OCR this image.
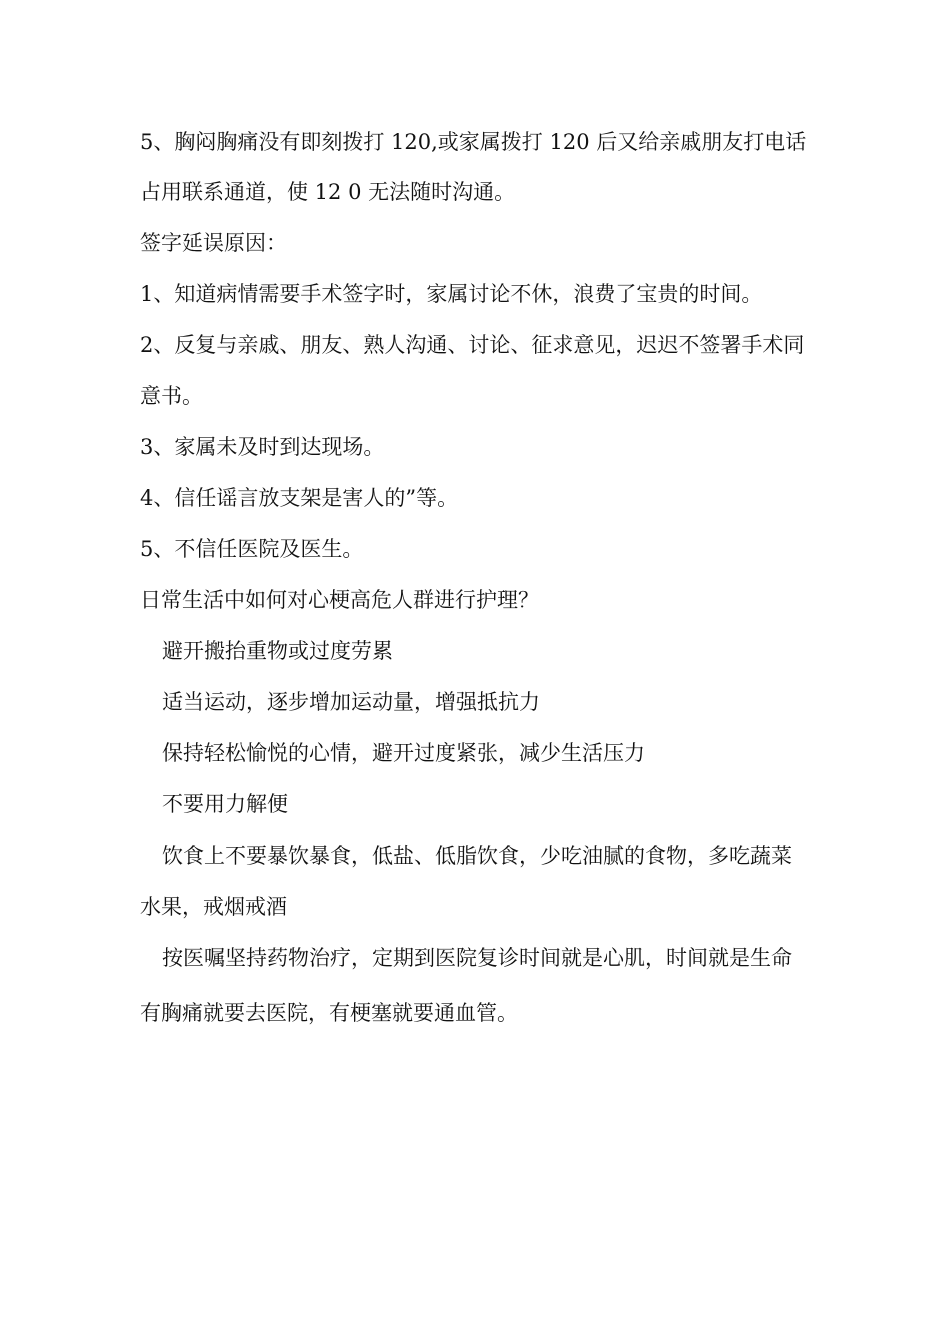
5、胸闷胸痛没有即刻拨打 120,或家属拨打 120 后又给亲戚朋友打电话
占用联系通道，使 12 0 无法随时沟通。
签字延误原因：
1、知道病情需要手术签字时，家属讨论不休，浪费了宝贵的时间。
2、反复与亲戚、朋友、熟人沟通、讨论、征求意见，迟迟不签署手术同
意书。
3、家属未及时到达现场。
4、信任谣言放支架是害人的”等。
5、不信任医院及医生。
日常生活中如何对心梗高危人群进行护理？
避开搬抬重物或过度劳累
适当运动，逐步增加运动量，增强抵抗力
保持轻松愉悦的心情，避开过度紧张，减少生活压力
不要用力解便
饮食上不要暴饮暴食，低盐、低脂饮食，少吃油腻的食物，多吃蔬菜
水果，戒烟戒酒
按医嘱坚持药物治疗，定期到医院复诊时间就是心肌，时间就是生命
有胸痛就要去医院，有梗塞就要通血管。
